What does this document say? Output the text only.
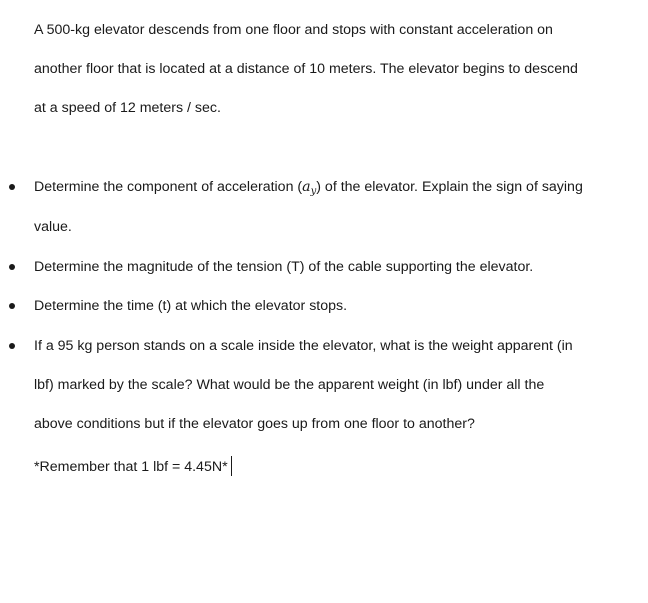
A 500-kg elevator descends from one floor and stops with constant acceleration on
another floor that is located at a distance of 10 meters. The elevator begins to descend
at a speed of 12 meters / sec.
Determine the component of acceleration $(a_y)$ of the elevator. Explain the sign of saying
value.
Determine the magnitude of the tension (T) of the cable supporting the elevator.
Determine the time (t) at which the elevator stops.
If a 95 kg person stands on a scale inside the elevator, what is the weight apparent (in
lbf) marked by the scale? What would be the apparent weight (in lbf) under all the
above conditions but if the elevator goes up from one floor to another?
*Remember that 1 lbf = 4.45N*
